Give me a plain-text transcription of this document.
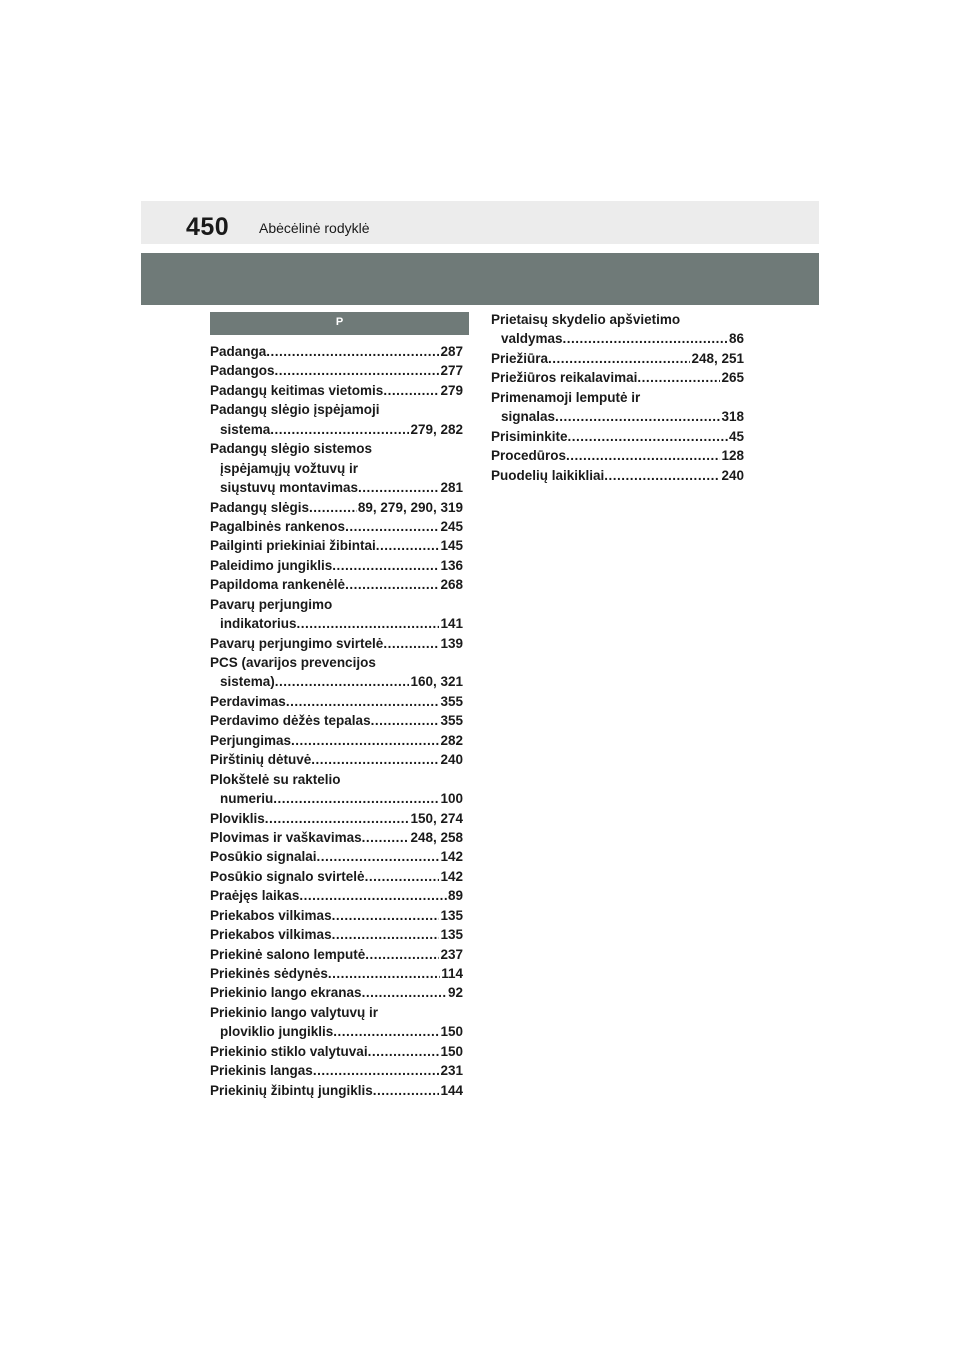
450 Abėcėlinė rodyklė
P
Padanga .....	287
Padangos .....	277
Padangų keitimas vietomis .....	279
Padangų slėgio įspėjamoji
sistema .....	279, 282
Padangų slėgio sistemos
įspėjamųjų vožtuvų ir
siųstuvų montavimas .....	281
Padangų slėgis .....	89, 279, 290, 319
Pagalbinės rankenos .....	245
Pailginti priekiniai žibintai .....	145
Paleidimo jungiklis .....	136
Papildoma rankenėlė .....	268
Pavarų perjungimo
indikatorius .....	141
Pavarų perjungimo svirtelė .....	139
PCS (avarijos prevencijos
sistema) .....	160, 321
Perdavimas .....	355
Perdavimo dėžės tepalas .....	355
Perjungimas .....	282
Pirštinių dėtuvė .....	240
Plokštelė su raktelio
numeriu .....	100
Ploviklis .....	150, 274
Plovimas ir vaškavimas .....	248, 258
Posūkio signalai .....	142
Posūkio signalo svirtelė .....	142
Praėjęs laikas .....	89
Priekabos vilkimas .....	135
Priekabos vilkimas .....	135
Priekinė salono lemputė .....	237
Priekinės sėdynės .....	114
Priekinio lango ekranas .....	92
Priekinio lango valytuvų ir
ploviklio jungiklis .....	150
Priekinio stiklo valytuvai .....	150
Priekinis langas .....	231
Priekinių žibintų jungiklis .....	144
Prietaisų skydelio apšvietimo
valdymas .....	86
Priežiūra .....	248, 251
Priežiūros reikalavimai .....	265
Primenamoji lemputė ir
signalas .....	318
Prisiminkite .....	45
Procedūros .....	128
Puodelių laikikliai .....	240
